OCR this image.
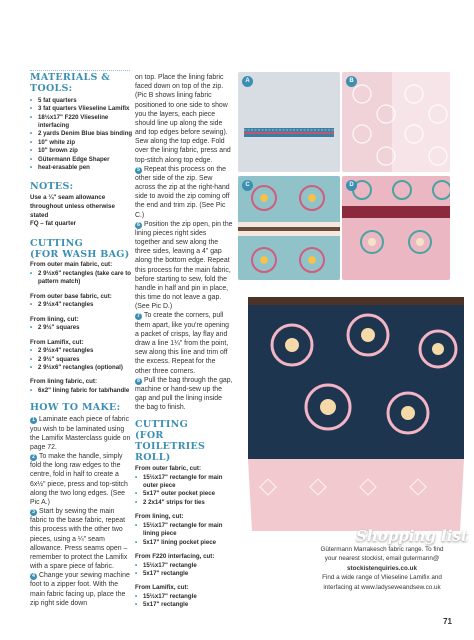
MATERIALS & TOOLS:
• 5 fat quarters
• 3 fat quarters Vlieseline Lamifix
• 18½x17" F220 Vlieseline interfacing
• 2 yards Denim Blue bias binding
• 10" white zip
• 10" brown zip
• Gütermann Edge Shaper
• heat-erasable pen
NOTES:
Use a ¼" seam allowance throughout unless otherwise stated
FQ – fat quarter
CUTTING
(FOR WASH BAG)
From outer main fabric, cut:
• 2 9½x6" rectangles (take care to pattern match)
From outer base fabric, cut:
• 2 9½x4" rectangles
From lining, cut:
• 2 9½" squares
From Lamifix, cut:
• 2 9½x4" rectangles
• 2 9½" squares
• 2 9½x6" rectangles (optional)
From lining fabric, cut:
• 6x2" lining fabric for tab/handle
HOW TO MAKE:
1 Laminate each piece of fabric you wish to be laminated using the Lamifix Masterclass guide on page 72.
2 To make the handle, simply fold the long raw edges to the centre, fold in half to create a 6x½" piece, press and top-stitch along the two long edges. (See Pic A.)
3 Start by sewing the main fabric to the base fabric, repeat this process with the other two pieces, using a ¼" seam allowance. Press seams open – remember to protect the Lamifix with a spare piece of fabric.
4 Change your sewing machine foot to a zipper foot. With the main fabric facing up, place the zip right side down
on top. Place the lining fabric faced down on top of the zip. (Pic B shows lining fabric positioned to one side to show you the layers, each piece should line up along the side and top edges before sewing). Sew along the top edge. Fold over the lining fabric, press and top-stitch along top edge.
5 Repeat this process on the other side of the zip. Sew across the zip at the right-hand side to avoid the zip coming off the end and trim zip. (See Pic C.)
6 Position the zip open, pin the lining pieces right sides together and sew along the three sides, leaving a 4" gap along the bottom edge. Repeat this process for the main fabric, before starting to sew, fold the handle in half and pin in place, this time do not leave a gap. (See Pic D.)
7 To create the corners, pull them apart, like you're opening a packet of crisps, lay flay and draw a line 1¼" from the point, sew along this line and trim off the excess. Repeat for the other three corners.
8 Pull the bag through the gap, machine or hand-sew up the gap and pull the lining inside the bag to finish.
CUTTING
(FOR TOILETRIES ROLL)
From outer fabric, cut:
• 15½x17" rectangle for main outer piece
• 5x17" outer pocket piece
• 2 2x14" strips for ties
From lining, cut:
• 15½x17" rectangle for main lining piece
• 5x17" lining pocket piece
From F220 interfacing, cut:
• 15½x17" rectangle
• 5x17" rectangle
From Lamifix, cut:
• 15½x17" rectangle
• 5x17" rectangle
A	B
C	D
Shopping list
Gütermann Marrakesch fabric range. To find
your nearest stockist, email gutermann@
stockistenquiries.co.uk
Find a wide range of Vlieseline Lamifix and
interfacing at www.ladyseweandsew.co.uk
71
